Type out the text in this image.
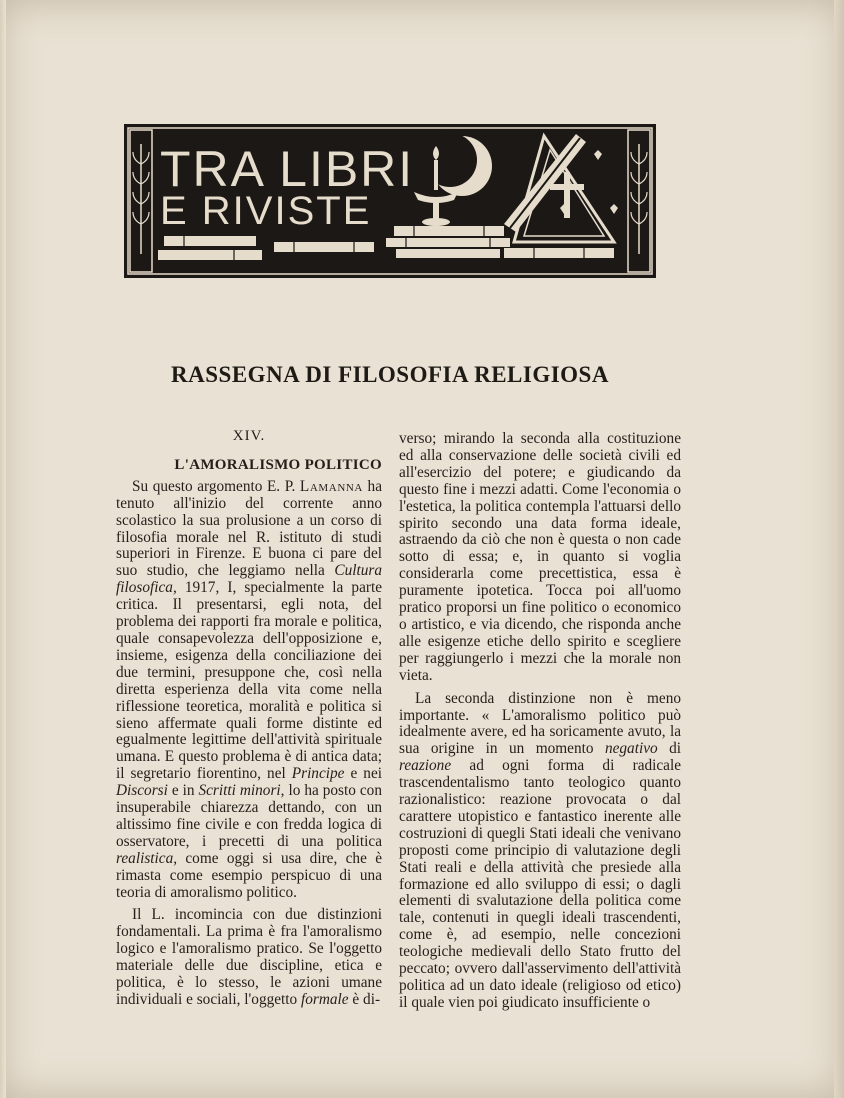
TRA LIBRI
E RIVISTE
RASSEGNA DI FILOSOFIA RELIGIOSA
XIV.
L'AMORALISMO POLITICO

Su questo argomento E. P. Lamanna ha tenuto all'inizio del corrente anno scolastico la sua prolusione a un corso di filosofia morale nel R. istituto di studi superiori in Firenze. E buona ci pare del suo studio, che leggiamo nella Cultura filosofica, 1917, I, specialmente la parte critica. Il presentarsi, egli nota, del problema dei rapporti fra morale e politica, quale consapevolezza dell'opposizione e, insieme, esigenza della conciliazione dei due termini, presuppone che, così nella diretta esperienza della vita come nella riflessione teoretica, moralità e politica si sieno affermate quali forme distinte ed egualmente legittime dell'attività spirituale umana. E questo problema è di antica data; il segretario fiorentino, nel Principe e nei Discorsi e in Scritti minori, lo ha posto con insuperabile chiarezza dettando, con un altissimo fine civile e con fredda logica di osservatore, i precetti di una politica realistica, come oggi si usa dire, che è rimasta come esempio perspicuo di una teoria di amoralismo politico.

Il L. incomincia con due distinzioni fondamentali. La prima è fra l'amoralismo logico e l'amoralismo pratico. Se l'oggetto materiale delle due discipline, etica e politica, è lo stesso, le azioni umane individuali e sociali, l'oggetto formale è di-

verso; mirando la seconda alla costituzione ed alla conservazione delle società civili ed all'esercizio del potere; e giudicando da questo fine i mezzi adatti. Come l'economia o l'estetica, la politica contempla l'attuarsi dello spirito secondo una data forma ideale, astraendo da ciò che non è questa o non cade sotto di essa; e, in quanto si voglia considerarla come precettistica, essa è puramente ipotetica. Tocca poi all'uomo pratico proporsi un fine politico o economico o artistico, e via dicendo, che risponda anche alle esigenze etiche dello spirito e scegliere per raggiungerlo i mezzi che la morale non vieta.

La seconda distinzione non è meno importante. « L'amoralismo politico può idealmente avere, ed ha soricamente avuto, la sua origine in un momento negativo di reazione ad ogni forma di radicale trascendentalismo tanto teologico quanto razionalistico: reazione provocata o dal carattere utopistico e fantastico inerente alle costruzioni di quegli Stati ideali che venivano proposti come principio di valutazione degli Stati reali e della attività che presiede alla formazione ed allo sviluppo di essi; o dagli elementi di svalutazione della politica come tale, contenuti in quegli ideali trascendenti, come è, ad esempio, nelle concezioni teologiche medievali dello Stato frutto del peccato; ovvero dall'asservimento dell'attività politica ad un dato ideale (religioso od etico) il quale vien poi giudicato insufficiente o
